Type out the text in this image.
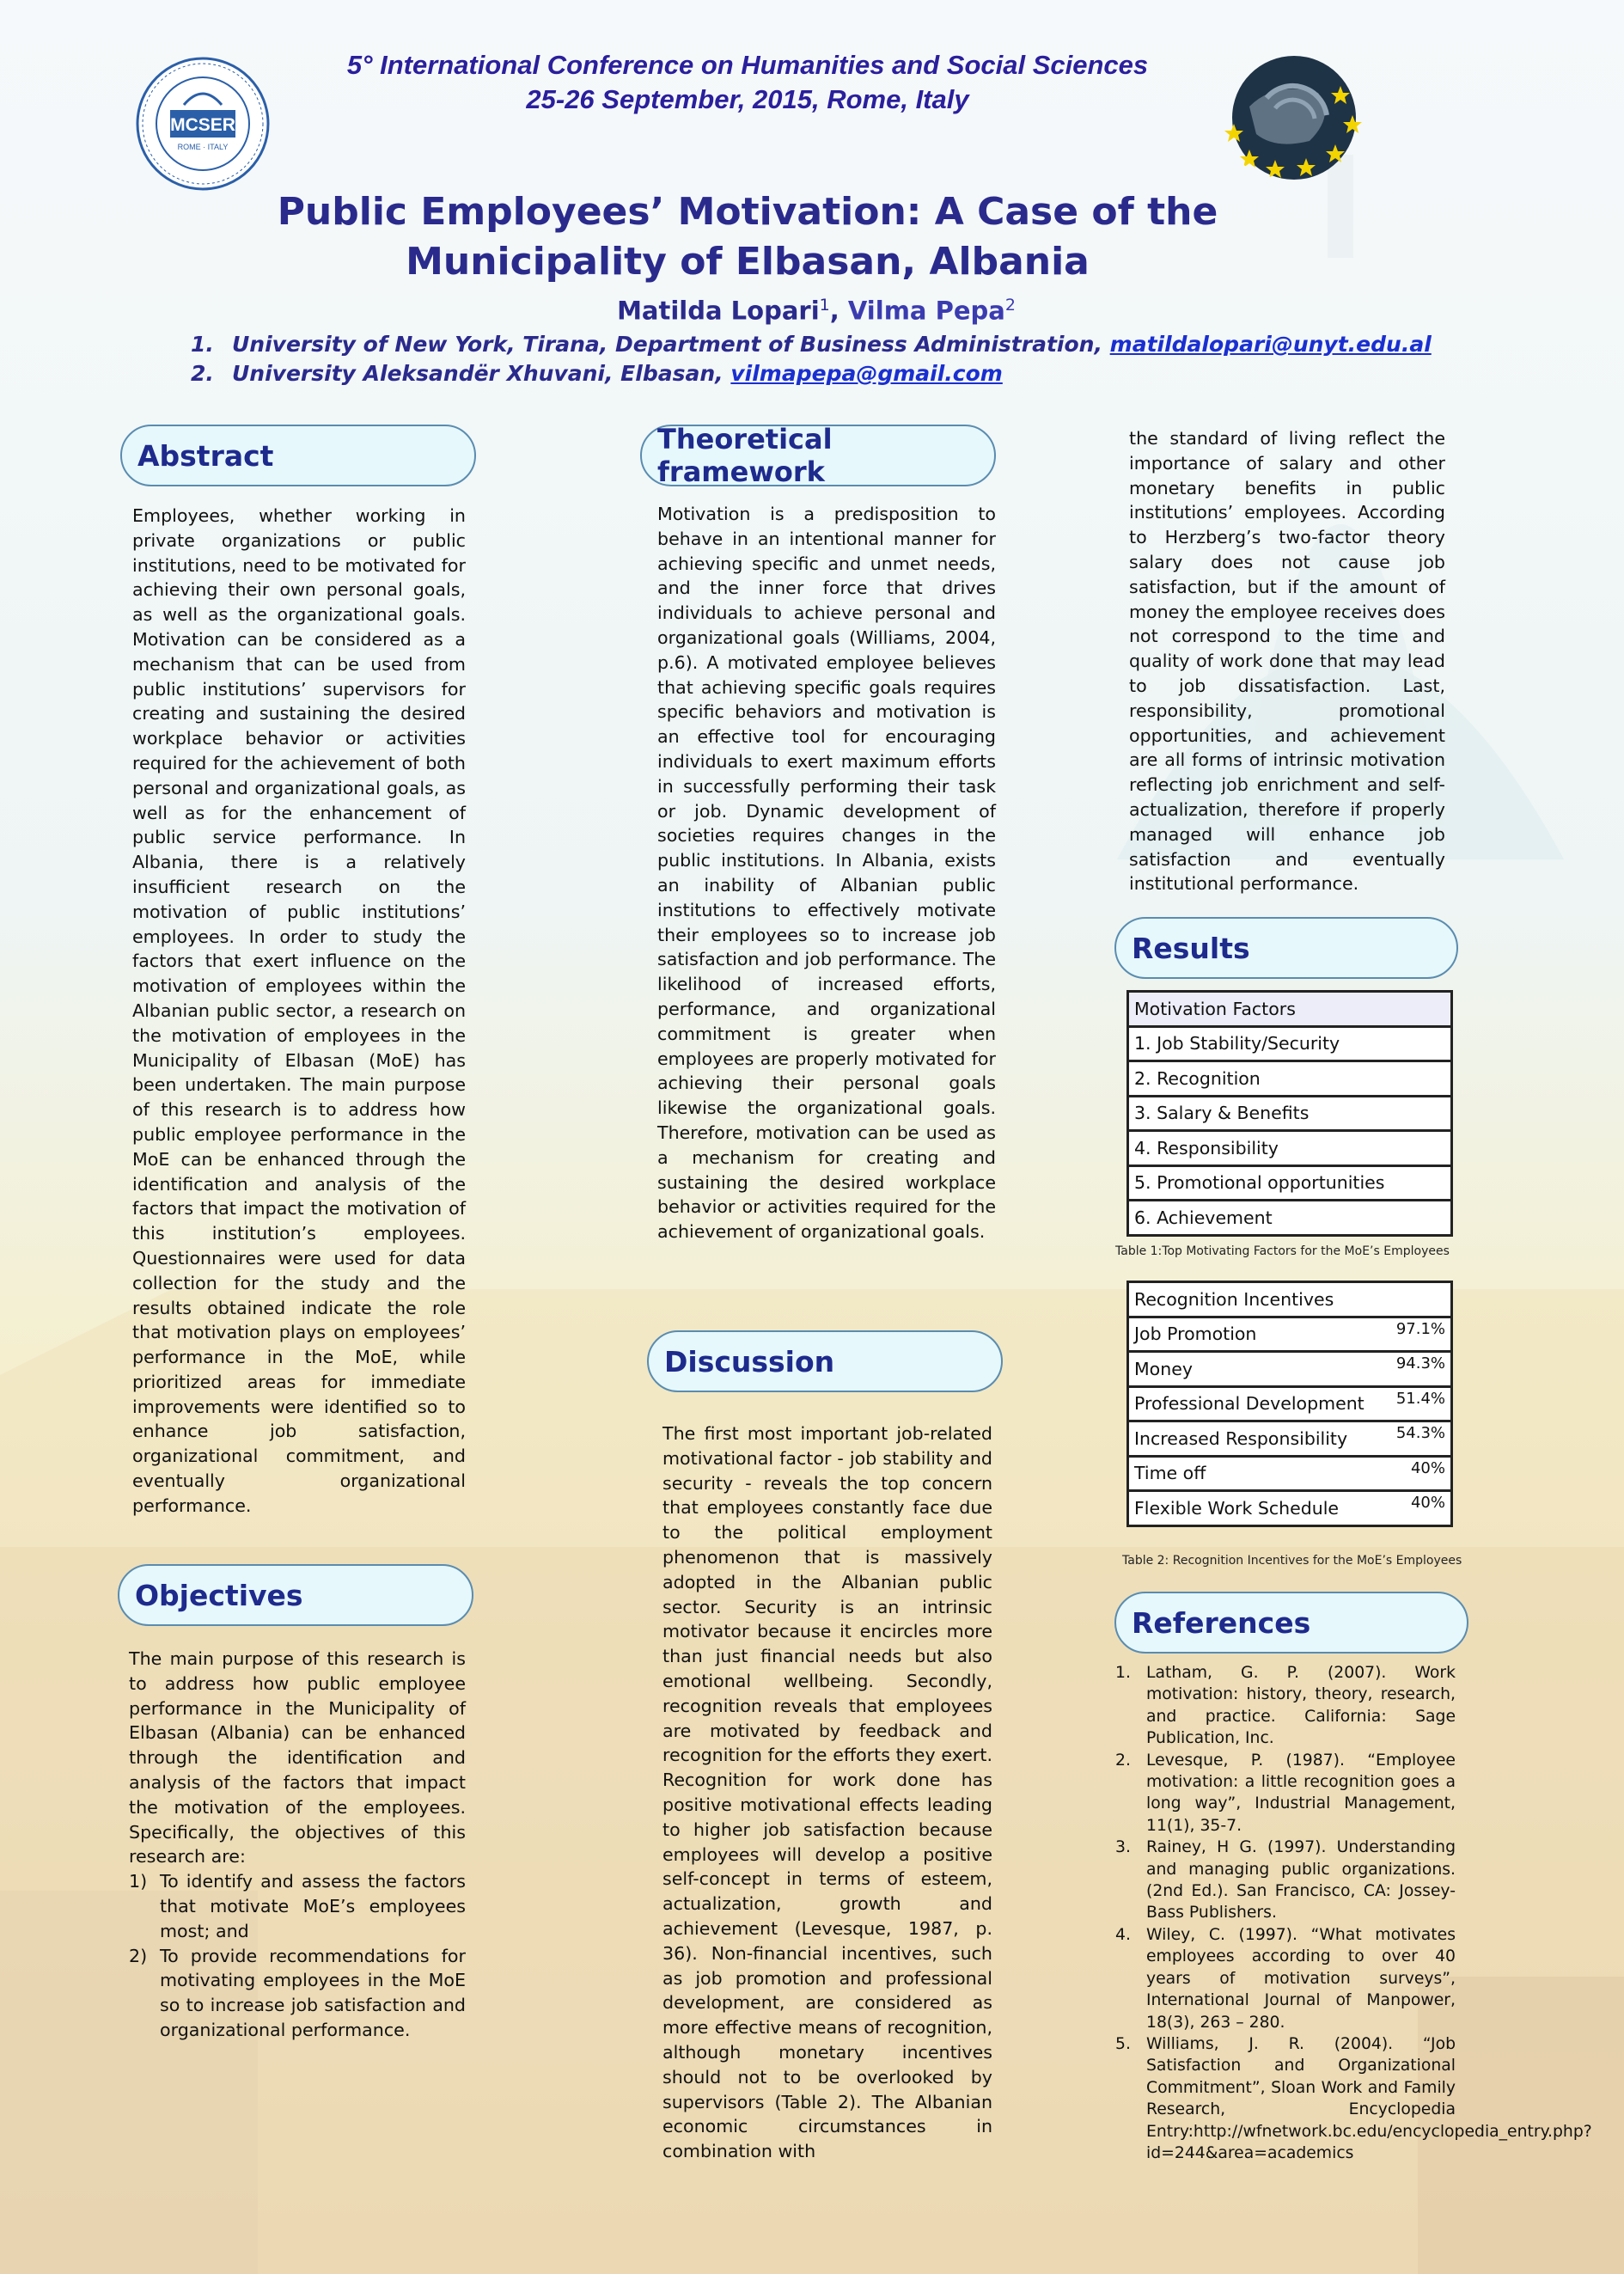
MCSER
ROME · ITALY
5° International Conference on Humanities and Social Sciences
25-26 September, 2015, Rome, Italy
Public Employees’ Motivation: A Case of the
Municipality of Elbasan, Albania
Matilda Lopari$^1$, Vilma Pepa$^2$
1. University of New York, Tirana, Department of Business Administration, matildalopari@unyt.edu.al
2. University Aleksandër Xhuvani, Elbasan, vilmapepa@gmail.com
Abstract
Employees, whether working in private organizations or public institutions, need to be motivated for achieving their own personal goals, as well as the organizational goals. Motivation can be considered as a mechanism that can be used from public institutions’ supervisors for creating and sustaining the desired workplace behavior or activities required for the achievement of both personal and organizational goals, as well as for the enhancement of public service performance. In Albania, there is a relatively insufficient research on the motivation of public institutions’ employees. In order to study the factors that exert influence on the motivation of employees within the Albanian public sector, a research on the motivation of employees in the Municipality of Elbasan (MoE) has been undertaken. The main purpose of this research is to address how public employee performance in the MoE can be enhanced through the identification and analysis of the factors that impact the motivation of this institution’s employees. Questionnaires were used for data collection for the study and the results obtained indicate the role that motivation plays on employees’ performance in the MoE, while prioritized areas for immediate improvements were identified so to enhance job satisfaction, organizational commitment, and eventually organizational performance.
Objectives
The main purpose of this research is to address how public employee performance in the Municipality of Elbasan (Albania) can be enhanced through the identification and analysis of the factors that impact the motivation of the employees. Specifically, the objectives of this research are:
1) To identify and assess the factors that motivate MoE’s employees most; and
2) To provide recommendations for motivating employees in the MoE so to increase job satisfaction and organizational performance.
Theoretical framework
Motivation is a predisposition to behave in an intentional manner for achieving specific and unmet needs, and the inner force that drives individuals to achieve personal and organizational goals (Williams, 2004, p.6). A motivated employee believes that achieving specific goals requires specific behaviors and motivation is an effective tool for encouraging individuals to exert maximum efforts in successfully performing their task or job. Dynamic development of societies requires changes in the public institutions. In Albania, exists an inability of Albanian public institutions to effectively motivate their employees so to increase job satisfaction and job performance. The likelihood of increased efforts, performance, and organizational commitment is greater when employees are properly motivated for achieving their personal goals likewise the organizational goals. Therefore, motivation can be used as a mechanism for creating and sustaining the desired workplace behavior or activities required for the achievement of organizational goals.
Discussion
The first most important job-related motivational factor - job stability and security - reveals the top concern that employees constantly face due to the political employment phenomenon that is massively adopted in the Albanian public sector. Security is an intrinsic motivator because it encircles more than just financial needs but also emotional wellbeing. Secondly, recognition reveals that employees are motivated by feedback and recognition for the efforts they exert. Recognition for work done has positive motivational effects leading to higher job satisfaction because employees will develop a positive self-concept in terms of esteem, actualization, growth and achievement (Levesque, 1987, p. 36). Non-financial incentives, such as job promotion and professional development, are considered as more effective means of recognition, although monetary incentives should not to be overlooked by supervisors (Table 2). The Albanian economic circumstances in combination with
the standard of living reflect the importance of salary and other monetary benefits in public institutions’ employees. According to Herzberg’s two-factor theory salary does not cause job satisfaction, but if the amount of money the employee receives does not correspond to the time and quality of work done that may lead to job dissatisfaction. Last, responsibility, promotional opportunities, and achievement are all forms of intrinsic motivation reflecting job enrichment and self-actualization, therefore if properly managed will enhance job satisfaction and eventually institutional performance.
Results
Motivation Factors
1. Job Stability/Security
2. Recognition
3. Salary & Benefits
4. Responsibility
5. Promotional opportunities
6. Achievement
Table 1:Top Motivating Factors for the MoE’s Employees
Recognition Incentives	
Job Promotion	97.1%
Money	94.3%
Professional Development	51.4%
Increased Responsibility	54.3%
Time off	40%
Flexible Work Schedule	40%
Table 2: Recognition Incentives for the MoE’s Employees
References
1. Latham, G. P. (2007). Work motivation: history, theory, research, and practice. California: Sage Publication, Inc.
2. Levesque, P. (1987). “Employee motivation: a little recognition goes a long way”, Industrial Management, 11(1), 35-7.
3. Rainey, H G. (1997). Understanding and managing public organizations. (2nd Ed.). San Francisco, CA: Jossey-Bass Publishers.
4. Wiley, C. (1997). “What motivates employees according to over 40 years of motivation surveys”, International Journal of Manpower, 18(3), 263 – 280.
5. Williams, J. R. (2004). “Job Satisfaction and Organizational Commitment”, Sloan Work and Family Research, Encyclopedia Entry:http://wfnetwork.bc.edu/encyclopedia_entry.php?id=244&area=academics
